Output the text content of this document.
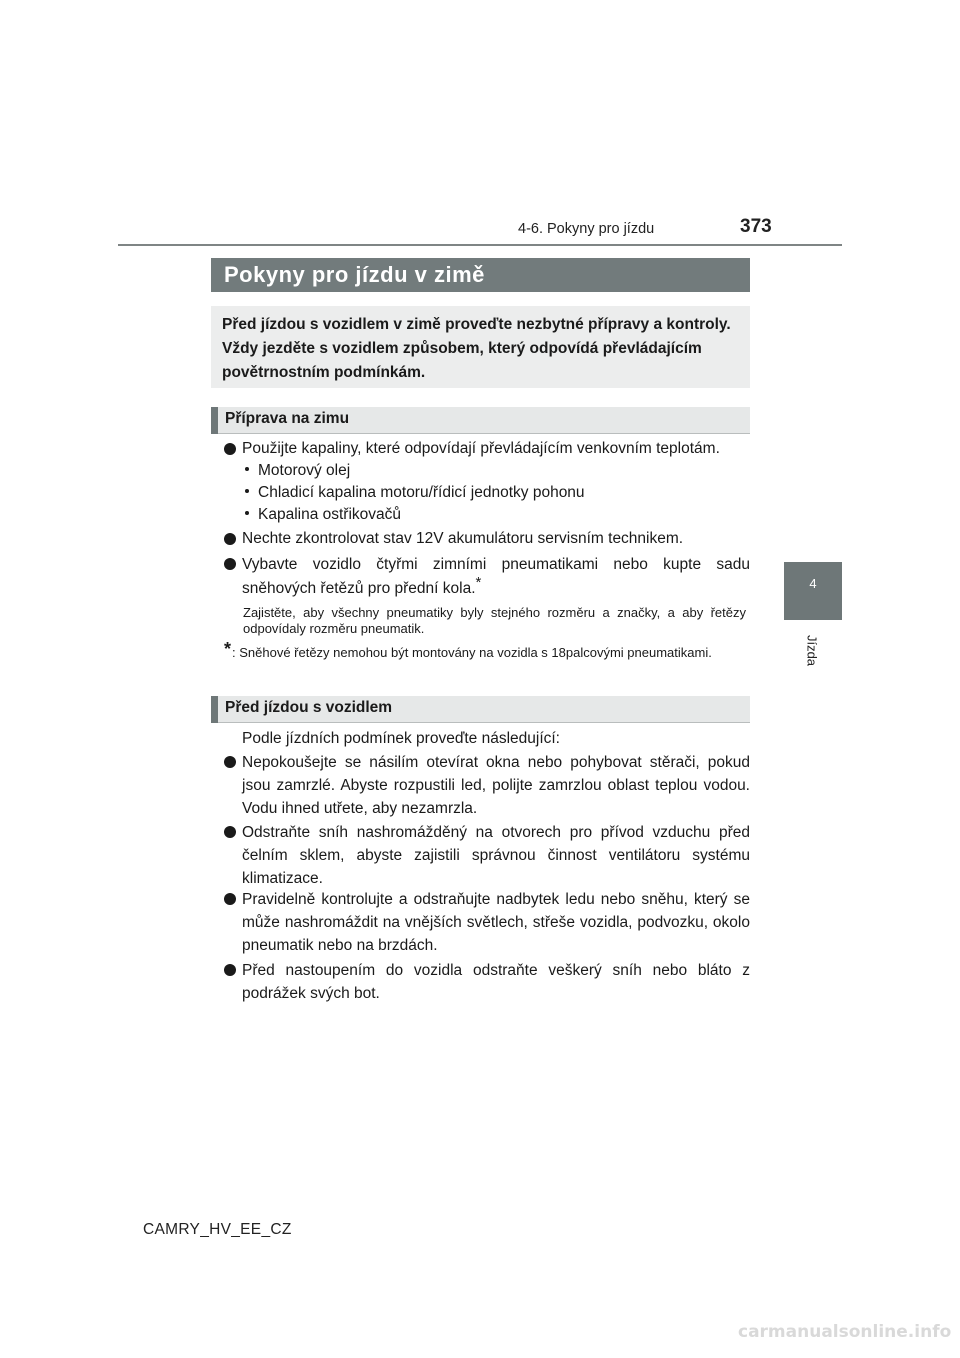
4-6. Pokyny pro jízdu	373
4
Jízda
Pokyny pro jízdu v zimě
Před jízdou s vozidlem v zimě proveďte nezbytné přípravy a kontroly. Vždy jezděte s vozidlem způsobem, který odpovídá převládajícím povětrnostním podmínkám.
Příprava na zimu
Použijte kapaliny, které odpovídají převládajícím venkovním teplotám.
Motorový olej
Chladicí kapalina motoru/řídicí jednotky pohonu
Kapalina ostřikovačů
Nechte zkontrolovat stav 12V akumulátoru servisním technikem.
Vybavte vozidlo čtyřmi zimními pneumatikami nebo kupte sadu sněhových řetězů pro přední kola.*
Zajistěte, aby všechny pneumatiky byly stejného rozměru a značky, a aby řetězy odpovídaly rozměru pneumatik.
* : Sněhové řetězy nemohou být montovány na vozidla s 18palcovými pneumatikami.
Před jízdou s vozidlem
Podle jízdních podmínek proveďte následující:
Nepokoušejte se násilím otevírat okna nebo pohybovat stěrači, pokud jsou zamrzlé. Abyste rozpustili led, polijte zamrzlou oblast teplou vodou. Vodu ihned utřete, aby nezamrzla.
Odstraňte sníh nashromážděný na otvorech pro přívod vzduchu před čelním sklem, abyste zajistili správnou činnost ventilátoru systému klimatizace.
Pravidelně kontrolujte a odstraňujte nadbytek ledu nebo sněhu, který se může nashromáždit na vnějších světlech, střeše vozidla, podvozku, okolo pneumatik nebo na brzdách.
Před nastoupením do vozidla odstraňte veškerý sníh nebo bláto z podrážek svých bot.
CAMRY_HV_EE_CZ
carmanualsonline.info
